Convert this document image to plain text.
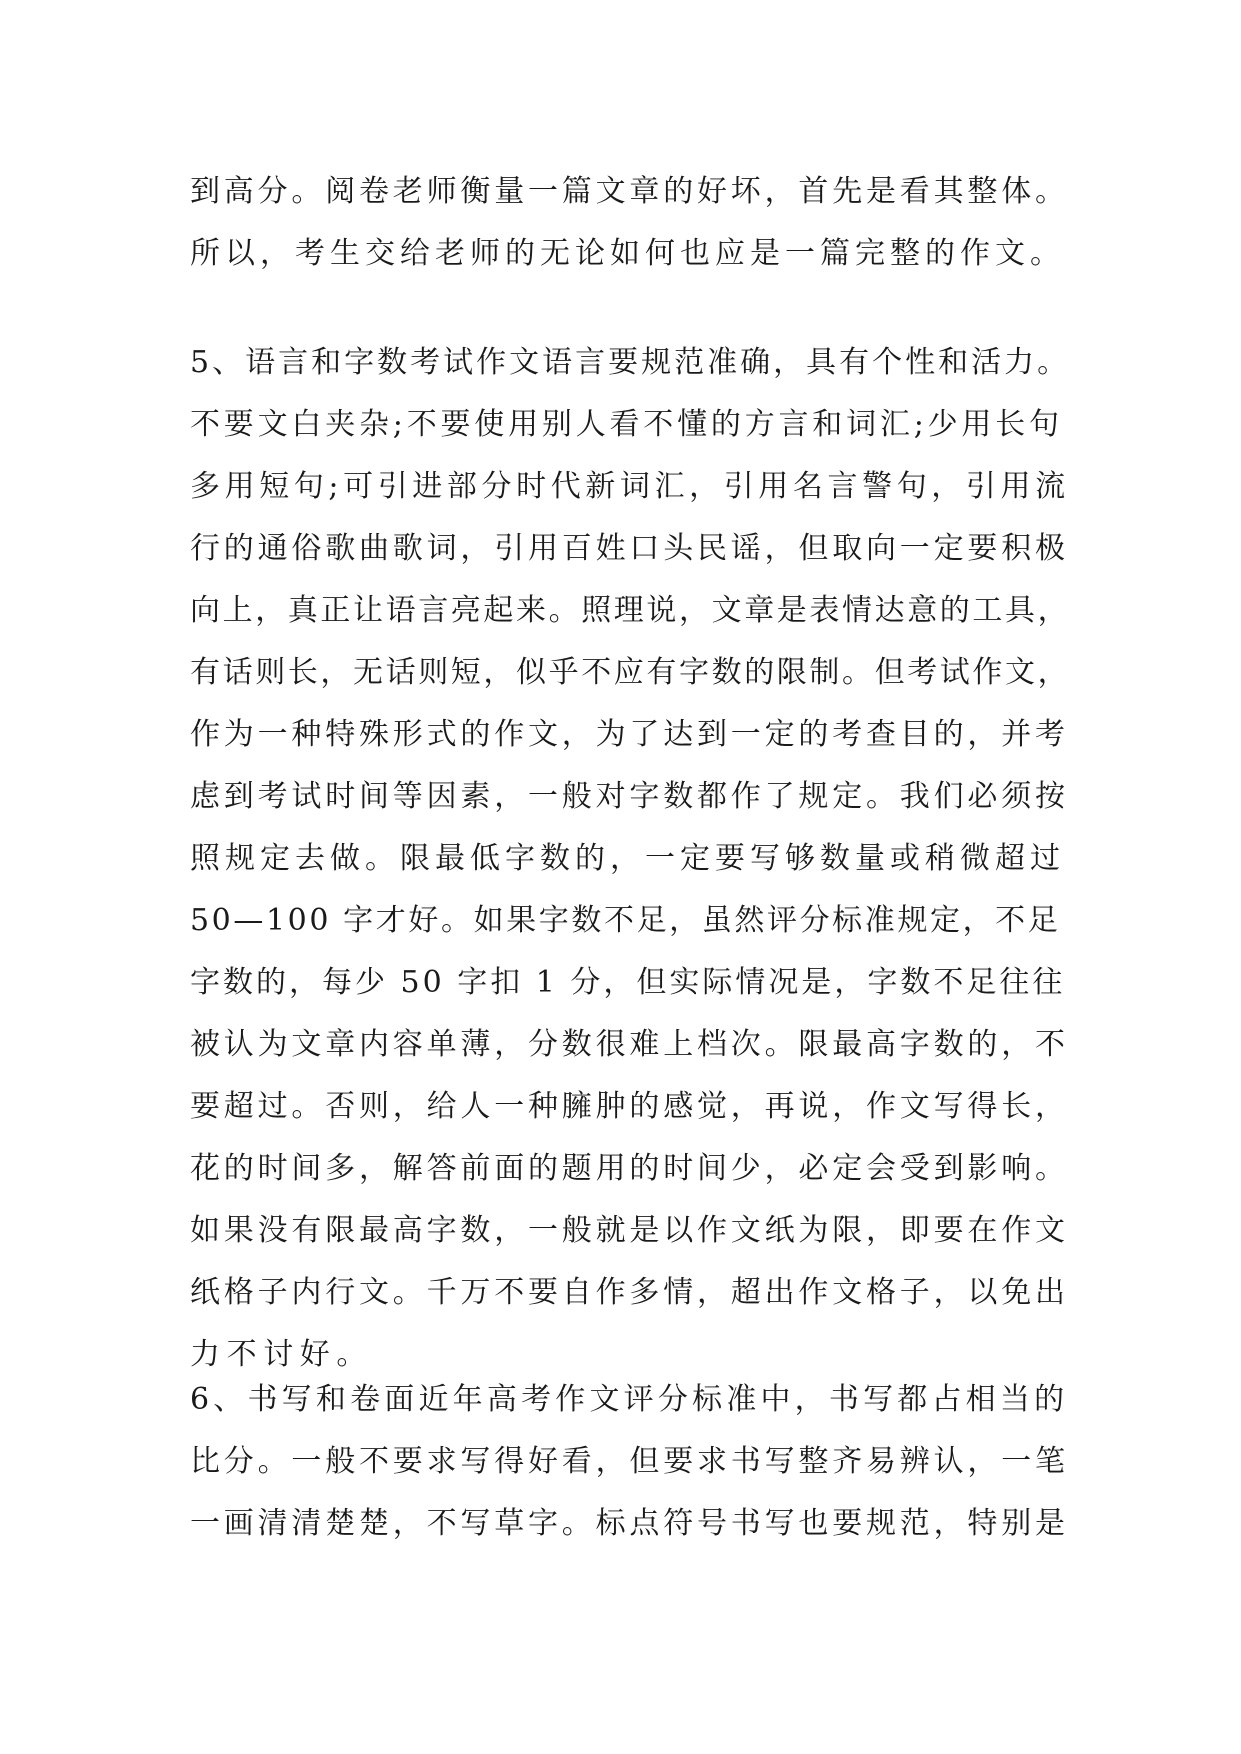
到高分。阅卷老师衡量一篇文章的好坏，首先是看其整体。
所以，考生交给老师的无论如何也应是一篇完整的作文。
5、语言和字数考试作文语言要规范准确，具有个性和活力。
不要文白夹杂;不要使用别人看不懂的方言和词汇;少用长句
多用短句;可引进部分时代新词汇，引用名言警句，引用流
行的通俗歌曲歌词，引用百姓口头民谣，但取向一定要积极
向上，真正让语言亮起来。照理说，文章是表情达意的工具，
有话则长，无话则短，似乎不应有字数的限制。但考试作文，
作为一种特殊形式的作文，为了达到一定的考查目的，并考
虑到考试时间等因素，一般对字数都作了规定。我们必须按
照规定去做。限最低字数的，一定要写够数量或稍微超过
50—100 字才好。如果字数不足，虽然评分标准规定，不足
字数的，每少 50 字扣 1 分，但实际情况是，字数不足往往
被认为文章内容单薄，分数很难上档次。限最高字数的，不
要超过。否则，给人一种臃肿的感觉，再说，作文写得长，
花的时间多，解答前面的题用的时间少，必定会受到影响。
如果没有限最高字数，一般就是以作文纸为限，即要在作文
纸格子内行文。千万不要自作多情，超出作文格子，以免出
力不讨好。
6、书写和卷面近年高考作文评分标准中，书写都占相当的
比分。一般不要求写得好看，但要求书写整齐易辨认，一笔
一画清清楚楚，不写草字。标点符号书写也要规范，特别是
